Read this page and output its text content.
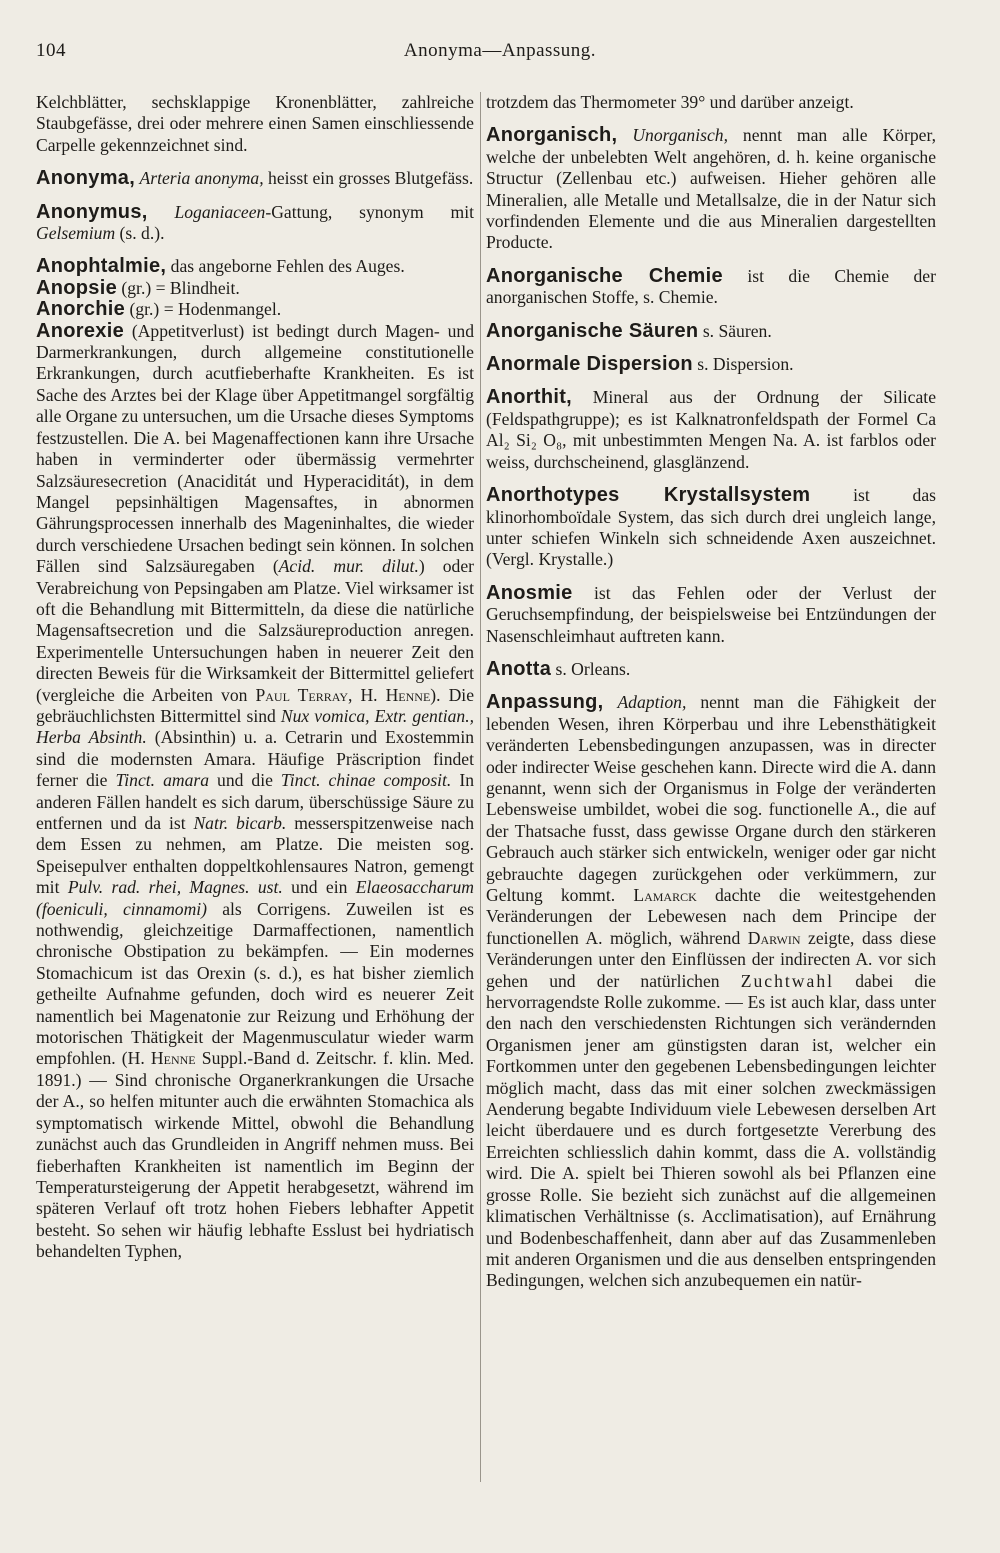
104	Anonyma—Anpassung.

Kelchblätter, sechsklappige Kronenblätter, zahlreiche Staubgefässe, drei oder mehrere einen Samen einschliessende Carpelle gekennzeichnet sind.

Anonyma, Arteria anonyma, heisst ein grosses Blutgefäss.

Anonymus, Loganiaceen-Gattung, synonym mit Gelsemium (s. d.).

Anophtalmie, das angeborne Fehlen des Auges.

Anopsie (gr.) = Blindheit.

Anorchie (gr.) = Hodenmangel.

Anorexie (Appetitverlust) ist bedingt durch Magen- und Darmerkrankungen, durch allgemeine constitutionelle Erkrankungen, durch acutfieberhafte Krankheiten. Es ist Sache des Arztes bei der Klage über Appetitmangel sorgfältig alle Organe zu untersuchen, um die Ursache dieses Symptoms festzustellen. Die A. bei Magenaffectionen kann ihre Ursache haben in verminderter oder übermässig vermehrter Salzsäuresecretion (Anaciditát und Hyperaciditát), in dem Mangel pepsinhältigen Magensaftes, in abnormen Gährungsprocessen innerhalb des Mageninhaltes, die wieder durch verschiedene Ursachen bedingt sein können. In solchen Fällen sind Salzsäuregaben (Acid. mur. dilut.) oder Verabreichung von Pepsingaben am Platze. Viel wirksamer ist oft die Behandlung mit Bittermitteln, da diese die natürliche Magensaftsecretion und die Salzsäureproduction anregen. Experimentelle Untersuchungen haben in neuerer Zeit den directen Beweis für die Wirksamkeit der Bittermittel geliefert (vergleiche die Arbeiten von Paul Terray, H. Henne). Die gebräuchlichsten Bittermittel sind Nux vomica, Extr. gentian., Herba Absinth. (Absinthin) u. a. Cetrarin und Exostemmin sind die modernsten Amara. Häufige Präscription findet ferner die Tinct. amara und die Tinct. chinae composit. In anderen Fällen handelt es sich darum, überschüssige Säure zu entfernen und da ist Natr. bicarb. messerspitzenweise nach dem Essen zu nehmen, am Platze. Die meisten sog. Speisepulver enthalten doppeltkohlensaures Natron, gemengt mit Pulv. rad. rhei, Magnes. ust. und ein Elaeosaccharum (foeniculi, cinnamomi) als Corrigens. Zuweilen ist es nothwendig, gleichzeitige Darmaffectionen, namentlich chronische Obstipation zu bekämpfen. — Ein modernes Stomachicum ist das Orexin (s. d.), es hat bisher ziemlich getheilte Aufnahme gefunden, doch wird es neuerer Zeit namentlich bei Magenatonie zur Reizung und Erhöhung der motorischen Thätigkeit der Magenmusculatur wieder warm empfohlen. (H. Henne Suppl.-Band d. Zeitschr. f. klin. Med. 1891.) — Sind chronische Organerkrankungen die Ursache der A., so helfen mitunter auch die erwähnten Stomachica als symptomatisch wirkende Mittel, obwohl die Behandlung zunächst auch das Grundleiden in Angriff nehmen muss. Bei fieberhaften Krankheiten ist namentlich im Beginn der Temperatursteigerung der Appetit herabgesetzt, während im späteren Verlauf oft trotz hohen Fiebers lebhafter Appetit besteht. So sehen wir häufig lebhafte Esslust bei hydriatisch behandelten Typhen,

trotzdem das Thermometer 39° und darüber anzeigt.

Anorganisch, Unorganisch, nennt man alle Körper, welche der unbelebten Welt angehören, d. h. keine organische Structur (Zellenbau etc.) aufweisen. Hieher gehören alle Mineralien, alle Metalle und Metallsalze, die in der Natur sich vorfindenden Elemente und die aus Mineralien dargestellten Producte.

Anorganische Chemie ist die Chemie der anorganischen Stoffe, s. Chemie.

Anorganische Säuren s. Säuren.

Anormale Dispersion s. Dispersion.

Anorthit, Mineral aus der Ordnung der Silicate (Feldspathgruppe); es ist Kalknatronfeldspath der Formel Ca Al₂ Si₂ O₈, mit unbestimmten Mengen Na. A. ist farblos oder weiss, durchscheinend, glasglänzend.

Anorthotypes Krystallsystem ist das klinorhomboïdale System, das sich durch drei ungleich lange, unter schiefen Winkeln sich schneidende Axen auszeichnet. (Vergl. Krystalle.)

Anosmie ist das Fehlen oder der Verlust der Geruchsempfindung, der beispielsweise bei Entzündungen der Nasenschleimhaut auftreten kann.

Anotta s. Orleans.

Anpassung, Adaption, nennt man die Fähigkeit der lebenden Wesen, ihren Körperbau und ihre Lebensthätigkeit veränderten Lebensbedingungen anzupassen, was in directer oder indirecter Weise geschehen kann. Directe wird die A. dann genannt, wenn sich der Organismus in Folge der veränderten Lebensweise umbildet, wobei die sog. functionelle A., die auf der Thatsache fusst, dass gewisse Organe durch den stärkeren Gebrauch auch stärker sich entwickeln, weniger oder gar nicht gebrauchte dagegen zurückgehen oder verkümmern, zur Geltung kommt. Lamarck dachte die weitestgehenden Veränderungen der Lebewesen nach dem Principe der functionellen A. möglich, während Darwin zeigte, dass diese Veränderungen unter den Einflüssen der indirecten A. vor sich gehen und der natürlichen Zuchtwahl dabei die hervorragendste Rolle zukomme. — Es ist auch klar, dass unter den nach den verschiedensten Richtungen sich verändernden Organismen jener am günstigsten daran ist, welcher ein Fortkommen unter den gegebenen Lebensbedingungen leichter möglich macht, dass das mit einer solchen zweckmässigen Aenderung begabte Individuum viele Lebewesen derselben Art leicht überdauere und es durch fortgesetzte Vererbung des Erreichten schliesslich dahin kommt, dass die A. vollständig wird. Die A. spielt bei Thieren sowohl als bei Pflanzen eine grosse Rolle. Sie bezieht sich zunächst auf die allgemeinen klimatischen Verhältnisse (s. Acclimatisation), auf Ernährung und Bodenbeschaffenheit, dann aber auf das Zusammenleben mit anderen Organismen und die aus denselben entspringenden Bedingungen, welchen sich anzubequemen ein natür-
